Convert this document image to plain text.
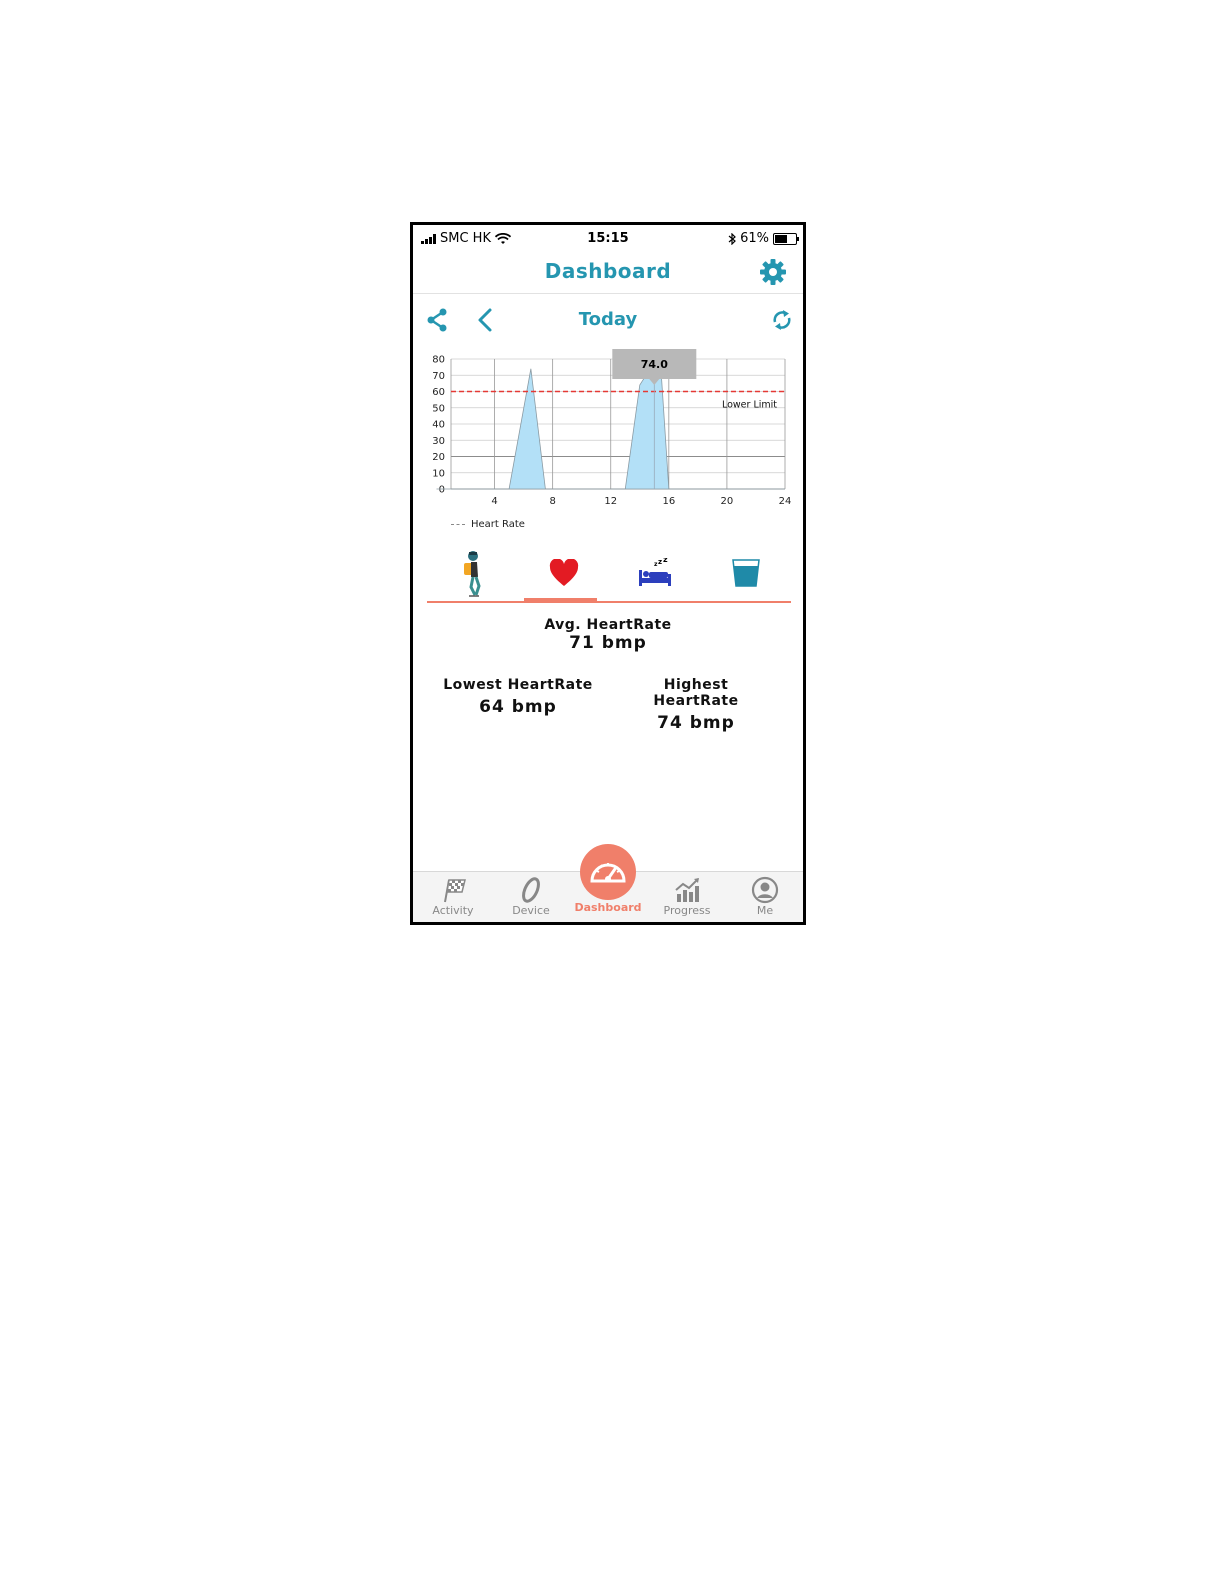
SMC HK	15:15	61%
Dashboard
Today
0
10
20
30
40
50
60
70
80
4	8	12	16	20	24
Lower Limit
74.0
Heart Rate
z z z
Avg. HeartRate
71 bmp
Lowest HeartRate
64 bmp
Highest HeartRate
74 bmp
Activity	Device	Dashboard	Progress	Me
